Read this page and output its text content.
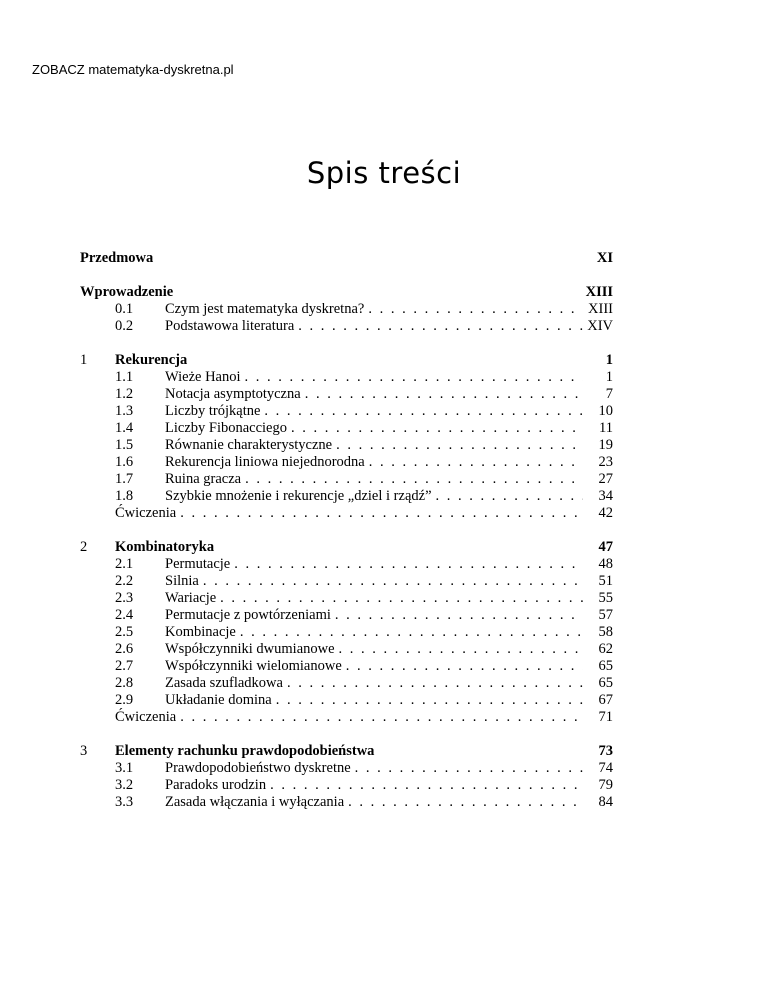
ZOBACZ matematyka-dyskretna.pl
Spis treści
Przedmowa	XI
Wprowadzenie	XIII
0.1 Czym jest matematyka dyskretna? . . .	XIII
0.2 Podstawowa literatura . . .	XIV
1 Rekurencja	1
1.1 Wieże Hanoi . . .	1
1.2 Notacja asymptotyczna . . .	7
1.3 Liczby trójkątne . . .	10
1.4 Liczby Fibonacciego . . .	11
1.5 Równanie charakterystyczne . . .	19
1.6 Rekurencja liniowa niejednorodna . . .	23
1.7 Ruina gracza . . .	27
1.8 Szybkie mnożenie i rekurencje „dziel i rządź” . . .	34
Ćwiczenia . . .	42
2 Kombinatoryka	47
2.1 Permutacje . . .	48
2.2 Silnia . . .	51
2.3 Wariacje . . .	55
2.4 Permutacje z powtórzeniami . . .	57
2.5 Kombinacje . . .	58
2.6 Współczynniki dwumianowe . . .	62
2.7 Współczynniki wielomianowe . . .	65
2.8 Zasada szufladkowa . . .	65
2.9 Układanie domina . . .	67
Ćwiczenia . . .	71
3 Elementy rachunku prawdopodobieństwa	73
3.1 Prawdopodobieństwo dyskretne . . .	74
3.2 Paradoks urodzin . . .	79
3.3 Zasada włączania i wyłączania . . .	84
